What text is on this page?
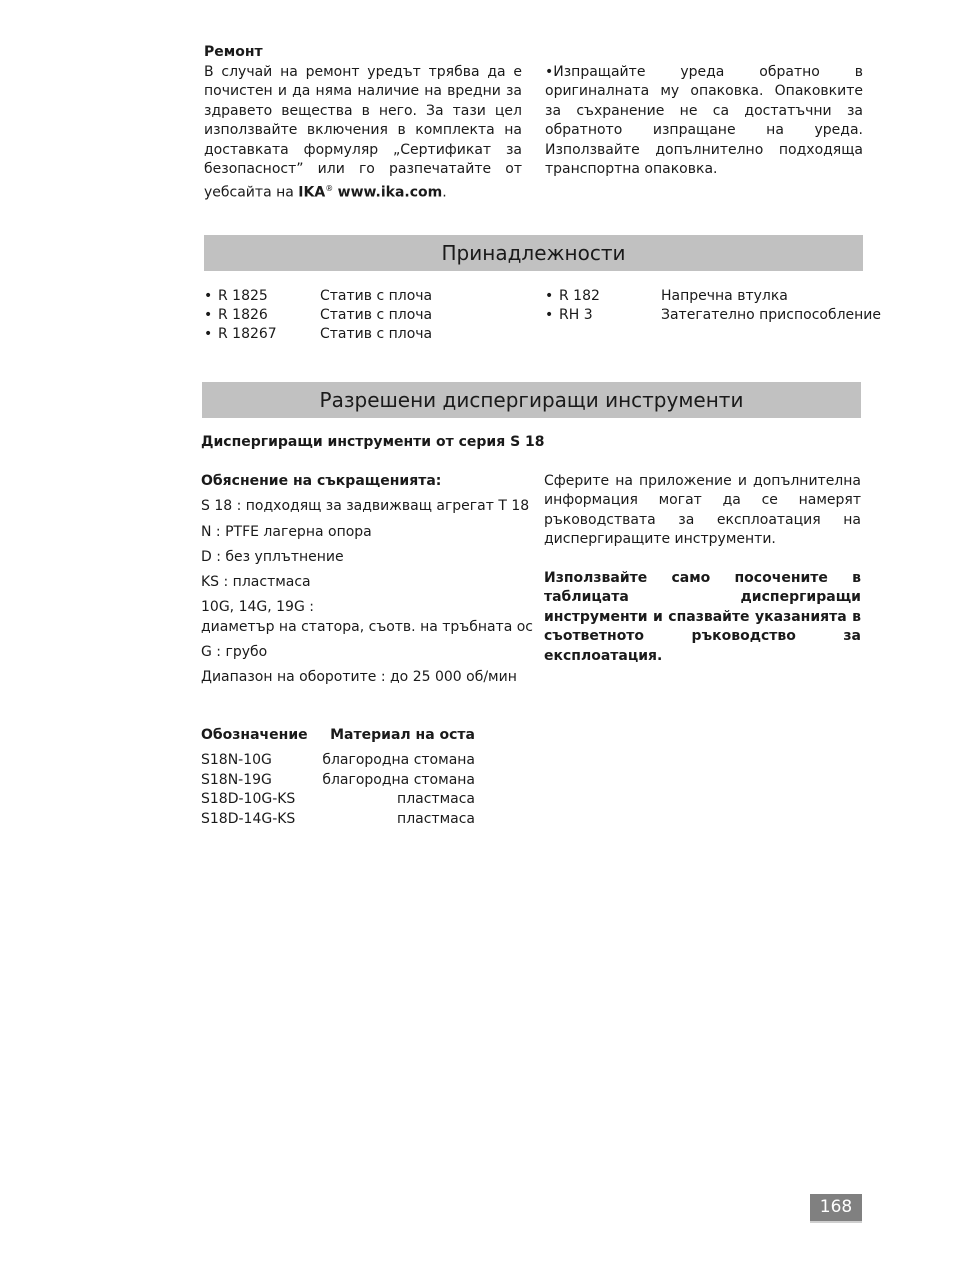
Ремонт
В случай на ремонт уредът трябва да е почистен и да няма наличие на вредни за здравето вещества в него. За тази цел използвайте включения в комплекта на доставката формуляр „Сертификат за безопасност” или го разпечатайте от уебсайта на IKA® www.ika.com.
•Изпращайте уреда обратно в оригиналната му опаковка. Опаковките за съхранение не са достатъчни за обратното изпращане на уреда. Използвайте допълнително подходяща транспортна опаковка.
Принадлежности
• R 1825	Статив с плоча
• R 1826	Статив с плоча
• R 18267	Статив с плоча
• R 182	Напречна втулка
• RH 3	Затегателно приспособление
Разрешени диспергиращи инструменти
Диспергиращи инструменти от серия S 18
Обяснение на съкращенията:
S 18 : подходящ за задвижващ агрегат T 18
N : PTFE лагерна опора
D : без уплътнение
KS : пластмаса
10G, 14G, 19G :
диаметър на статора, съотв. на тръбната ос
G : грубо
Диапазон на оборотите : до 25 000 об/мин
Сферите на приложение и допълнителна информация могат да се намерят ръководствата за експлоатация на диспергиращите инструменти.
Използвайте само посочените в таблицата диспергиращи инструменти и спазвайте указанията в съответното ръководство за експлоатация.
Обозначение Материал на оста
S18N-10G	благородна стомана
S18N-19G	благородна стомана
S18D-10G-KS	пластмаса
S18D-14G-KS	пластмаса
168
